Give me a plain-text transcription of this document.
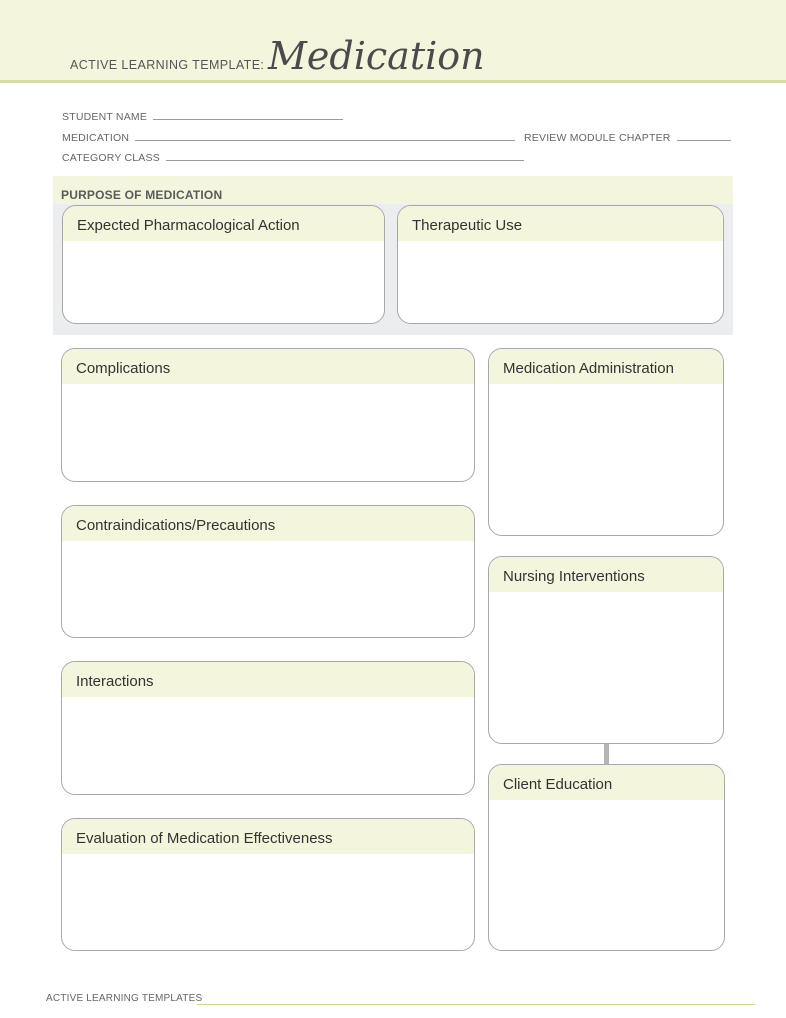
ACTIVE LEARNING TEMPLATE: Medication
STUDENT NAME
MEDICATION	REVIEW MODULE CHAPTER
CATEGORY CLASS
PURPOSE OF MEDICATION
Expected Pharmacological Action	Therapeutic Use
Complications
Contraindications/Precautions
Interactions
Evaluation of Medication Effectiveness
Medication Administration
Nursing Interventions
Client Education
ACTIVE LEARNING TEMPLATES
